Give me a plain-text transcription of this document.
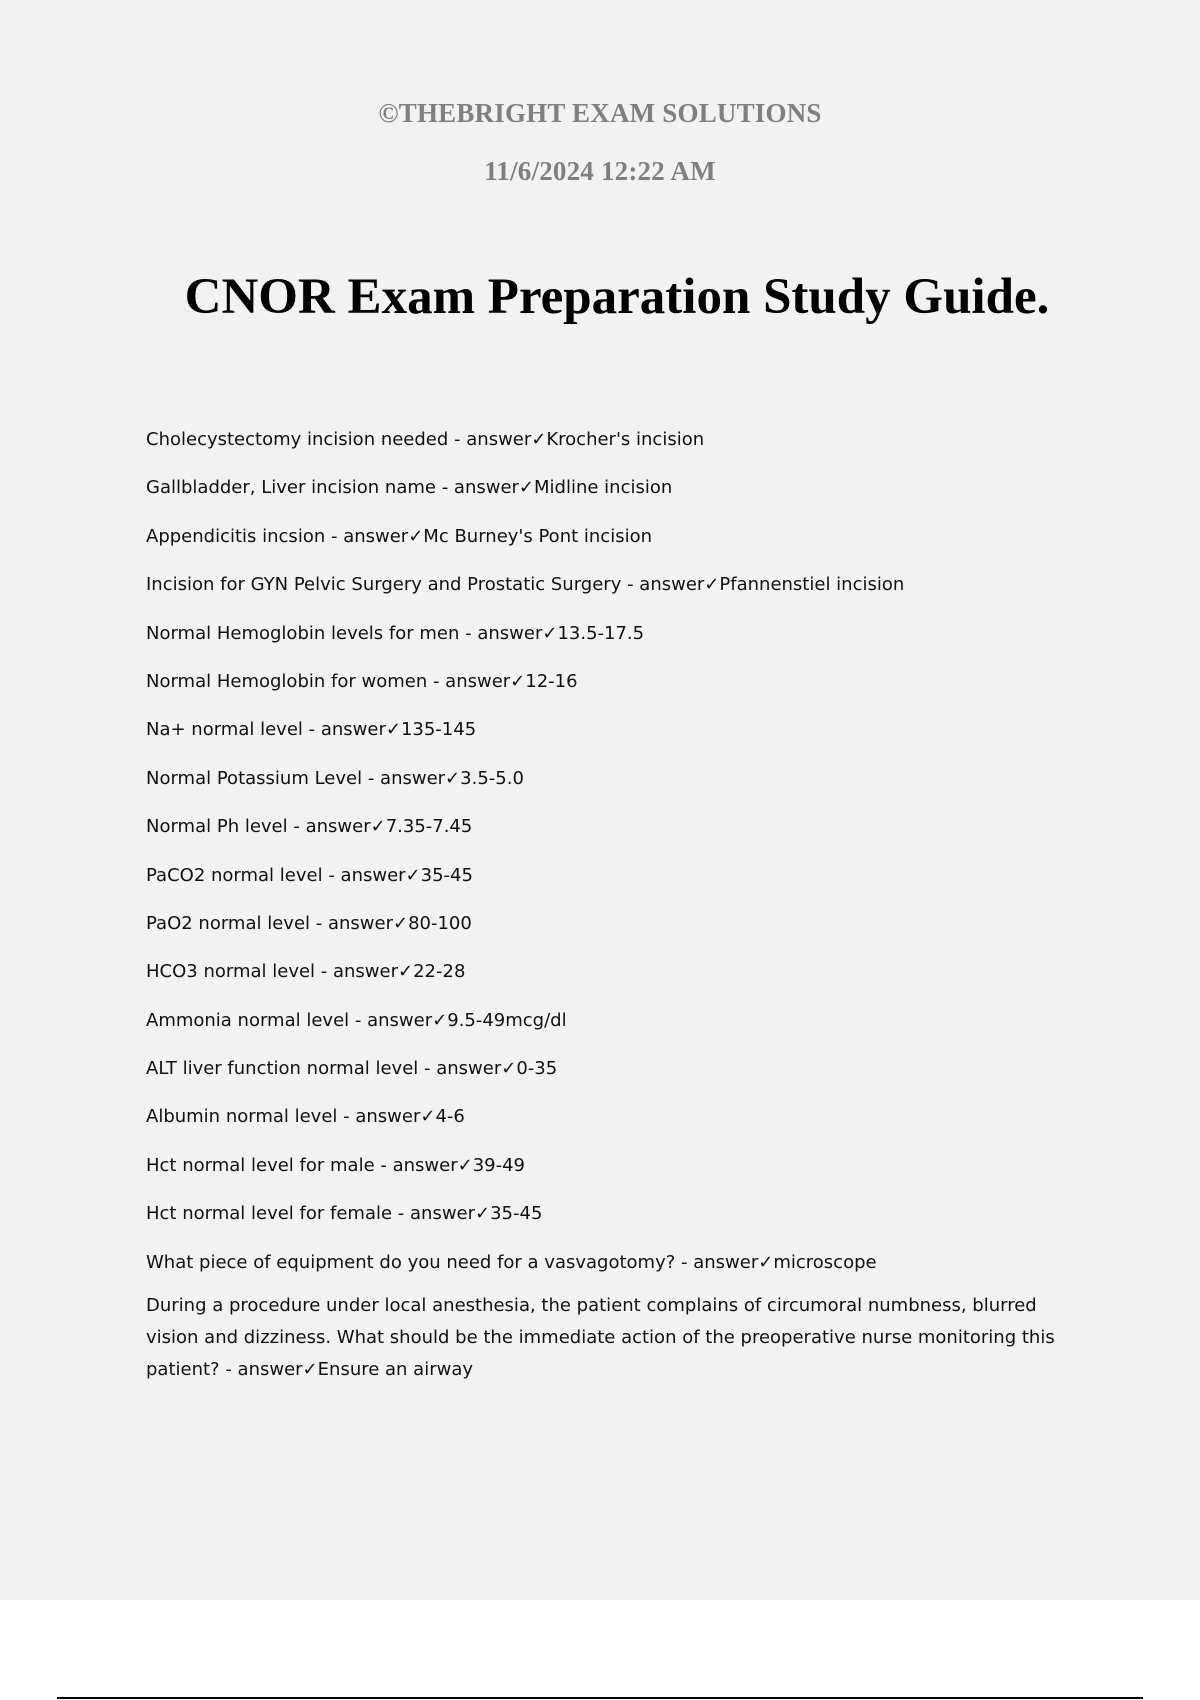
©THEBRIGHT EXAM SOLUTIONS
11/6/2024 12:22 AM
CNOR Exam Preparation Study Guide.
Cholecystectomy incision needed - answer✓Krocher's incision
Gallbladder, Liver incision name - answer✓Midline incision
Appendicitis incsion - answer✓Mc Burney's Pont incision
Incision for GYN Pelvic Surgery and Prostatic Surgery - answer✓Pfannenstiel incision
Normal Hemoglobin levels for men - answer✓13.5-17.5
Normal Hemoglobin for women - answer✓12-16
Na+ normal level - answer✓135-145
Normal Potassium Level - answer✓3.5-5.0
Normal Ph level - answer✓7.35-7.45
PaCO2 normal level - answer✓35-45
PaO2 normal level - answer✓80-100
HCO3 normal level - answer✓22-28
Ammonia normal level - answer✓9.5-49mcg/dl
ALT liver function normal level - answer✓0-35
Albumin normal level - answer✓4-6
Hct normal level for male - answer✓39-49
Hct normal level for female - answer✓35-45
What piece of equipment do you need for a vasvagotomy? - answer✓microscope
During a procedure under local anesthesia, the patient complains of circumoral numbness, blurred vision and dizziness. What should be the immediate action of the preoperative nurse monitoring this patient? - answer✓Ensure an airway
